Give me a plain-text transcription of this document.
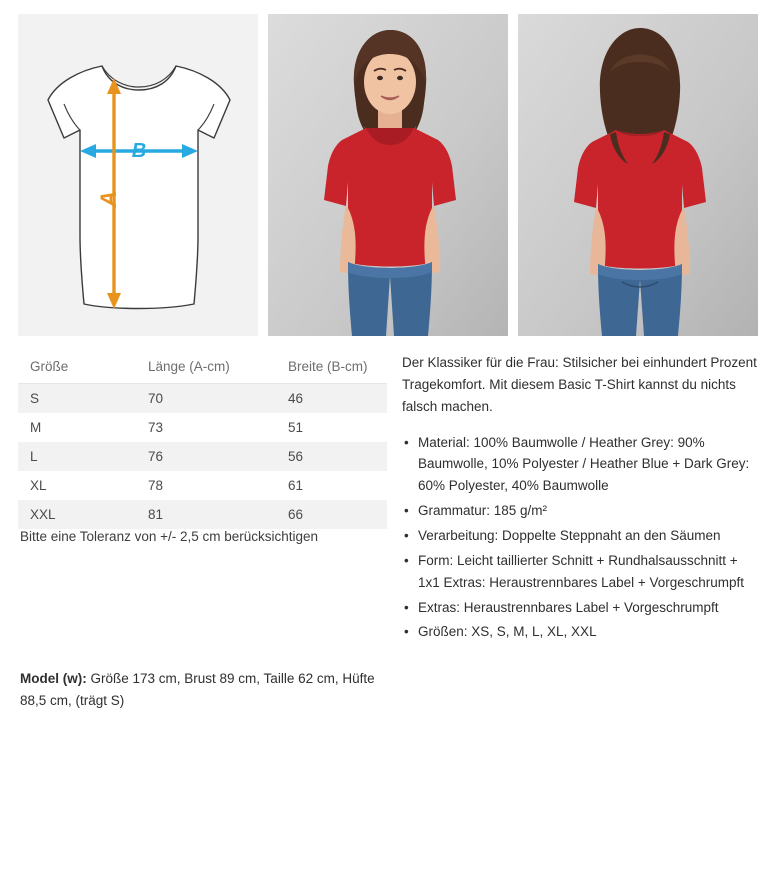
B
A
Größe	Länge (A-cm)	Breite (B-cm)
S	70	46
M	73	51
L	76	56
XL	78	61
XXL	81	66
Bitte eine Toleranz von +/- 2,5 cm berücksichtigen
Model (w): Größe 173 cm, Brust 89 cm, Taille 62 cm, Hüfte 88,5 cm, (trägt S)

Der Klassiker für die Frau: Stilsicher bei einhundert Prozent Tragekomfort. Mit diesem Basic T-Shirt kannst du nichts falsch machen.

• Material: 100% Baumwolle / Heather Grey: 90% Baumwolle, 10% Polyester / Heather Blue + Dark Grey: 60% Polyester, 40% Baumwolle
• Grammatur: 185 g/m²
• Verarbeitung: Doppelte Steppnaht an den Säumen
• Form: Leicht taillierter Schnitt + Rundhalsausschnitt + 1x1 Extras: Heraustrennbares Label + Vorgeschrumpft
• Extras: Heraustrennbares Label + Vorgeschrumpft
• Größen: XS, S, M, L, XL, XXL
